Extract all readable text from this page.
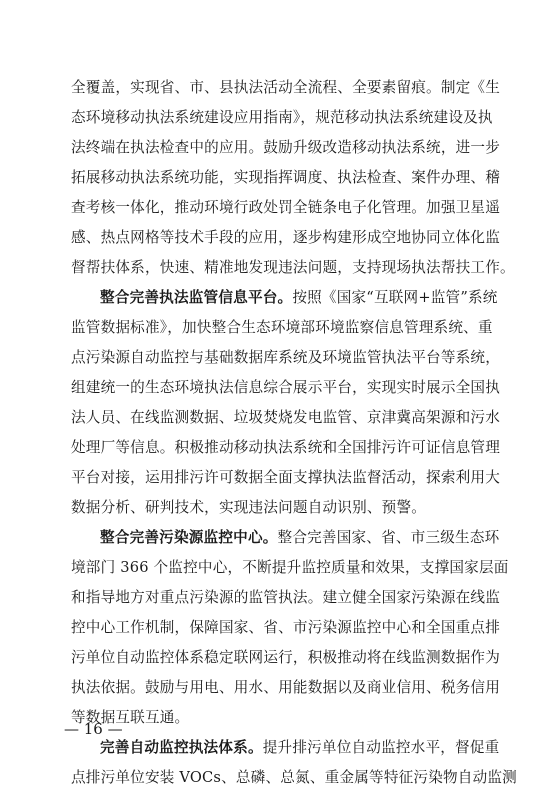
全覆盖，实现省、市、县执法活动全流程、全要素留痕。制定《生
态环境移动执法系统建设应用指南》，规范移动执法系统建设及执
法终端在执法检查中的应用。鼓励升级改造移动执法系统，进一步
拓展移动执法系统功能，实现指挥调度、执法检查、案件办理、稽
查考核一体化，推动环境行政处罚全链条电子化管理。加强卫星遥
感、热点网格等技术手段的应用，逐步构建形成空地协同立体化监
督帮扶体系，快速、精准地发现违法问题，支持现场执法帮扶工作。
整合完善执法监管信息平台。按照《国家“互联网+监管”系统
监管数据标准》，加快整合生态环境部环境监察信息管理系统、重
点污染源自动监控与基础数据库系统及环境监管执法平台等系统，
组建统一的生态环境执法信息综合展示平台，实现实时展示全国执
法人员、在线监测数据、垃圾焚烧发电监管、京津冀高架源和污水
处理厂等信息。积极推动移动执法系统和全国排污许可证信息管理
平台对接，运用排污许可数据全面支撑执法监督活动，探索利用大
数据分析、研判技术，实现违法问题自动识别、预警。
整合完善污染源监控中心。整合完善国家、省、市三级生态环
境部门 366 个监控中心，不断提升监控质量和效果，支撑国家层面
和指导地方对重点污染源的监管执法。建立健全国家污染源在线监
控中心工作机制，保障国家、省、市污染源监控中心和全国重点排
污单位自动监控体系稳定联网运行，积极推动将在线监测数据作为
执法依据。鼓励与用电、用水、用能数据以及商业信用、税务信用
等数据互联互通。
完善自动监控执法体系。提升排污单位自动监控水平，督促重
点排污单位安装 VOCs、总磷、总氮、重金属等特征污染物自动监测
— 16 —
